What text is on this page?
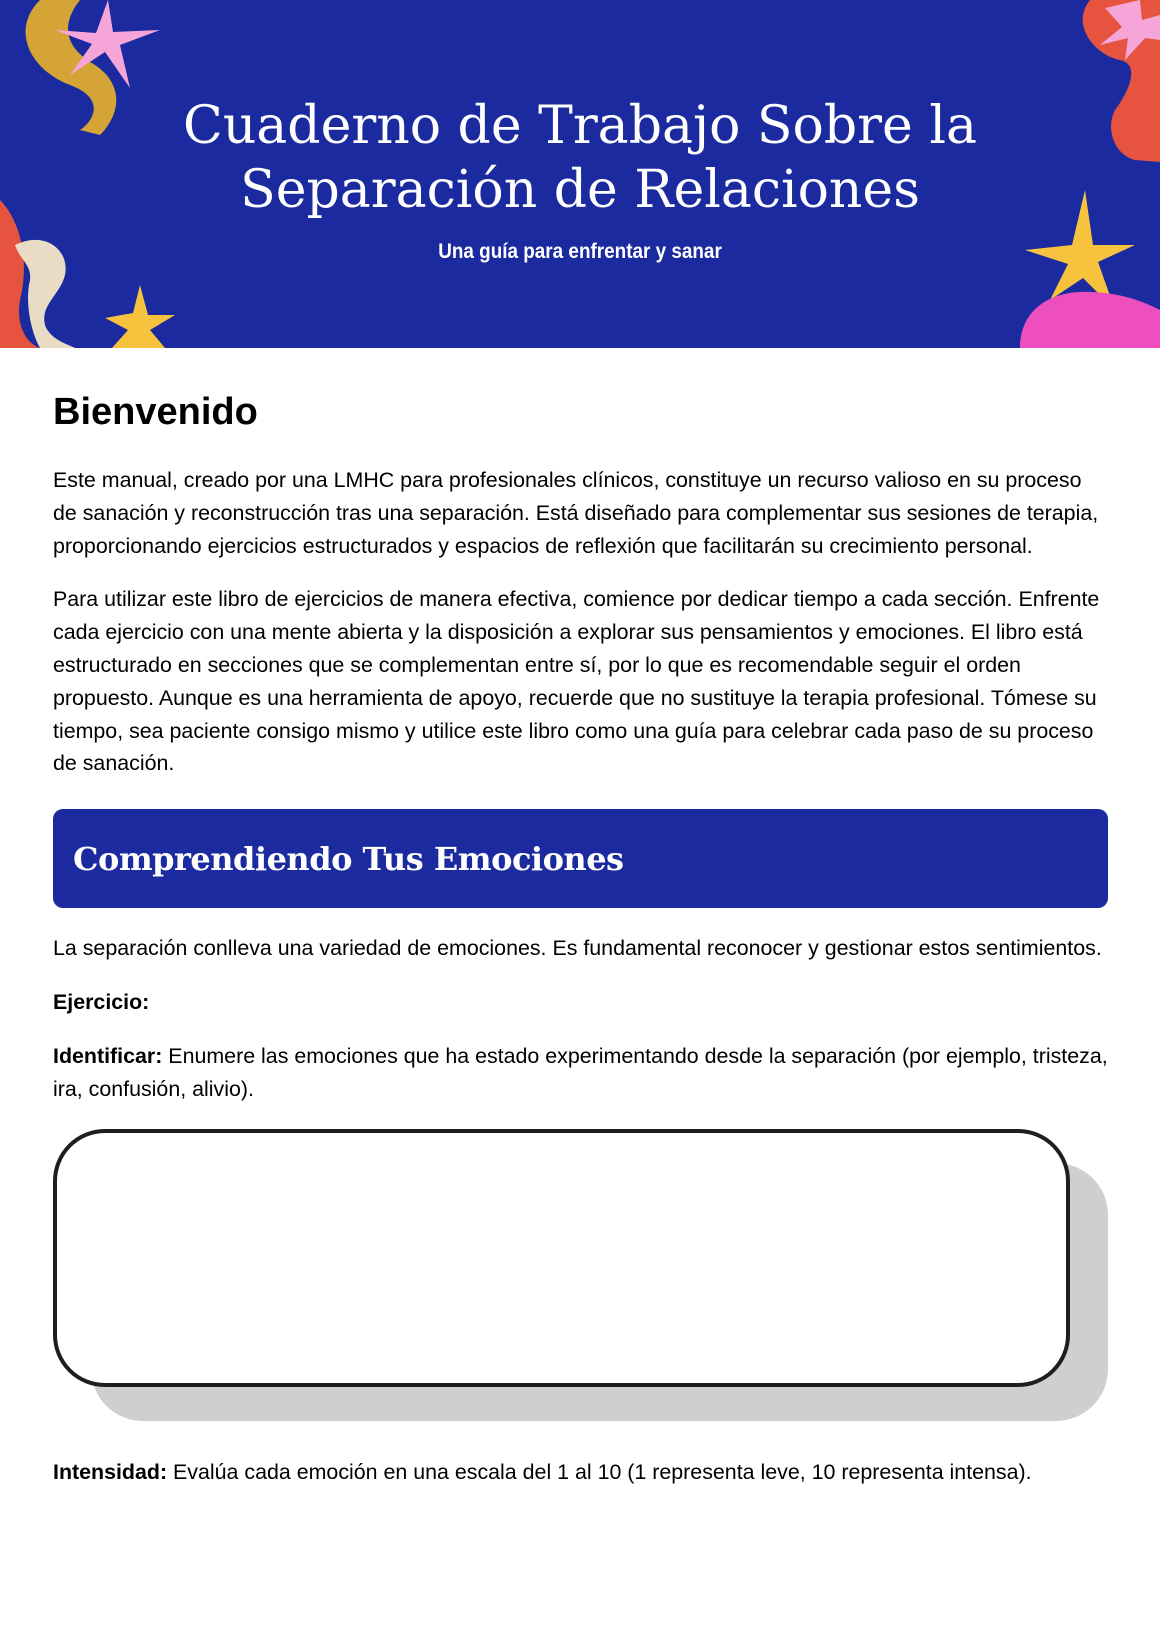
Cuaderno de Trabajo Sobre la
Separación de Relaciones
Una guía para enfrentar y sanar
Bienvenido

Este manual, creado por una LMHC para profesionales clínicos, constituye un recurso valioso en su proceso de sanación y reconstrucción tras una separación. Está diseñado para complementar sus sesiones de terapia, proporcionando ejercicios estructurados y espacios de reflexión que facilitarán su crecimiento personal.

Para utilizar este libro de ejercicios de manera efectiva, comience por dedicar tiempo a cada sección. Enfrente cada ejercicio con una mente abierta y la disposición a explorar sus pensamientos y emociones. El libro está estructurado en secciones que se complementan entre sí, por lo que es recomendable seguir el orden propuesto. Aunque es una herramienta de apoyo, recuerde que no sustituye la terapia profesional. Tómese su tiempo, sea paciente consigo mismo y utilice este libro como una guía para celebrar cada paso de su proceso de sanación.

Comprendiendo Tus Emociones

La separación conlleva una variedad de emociones. Es fundamental reconocer y gestionar estos sentimientos.

Ejercicio:

Identificar: Enumere las emociones que ha estado experimentando desde la separación (por ejemplo, tristeza, ira, confusión, alivio).

Intensidad: Evalúa cada emoción en una escala del 1 al 10 (1 representa leve, 10 representa intensa).
